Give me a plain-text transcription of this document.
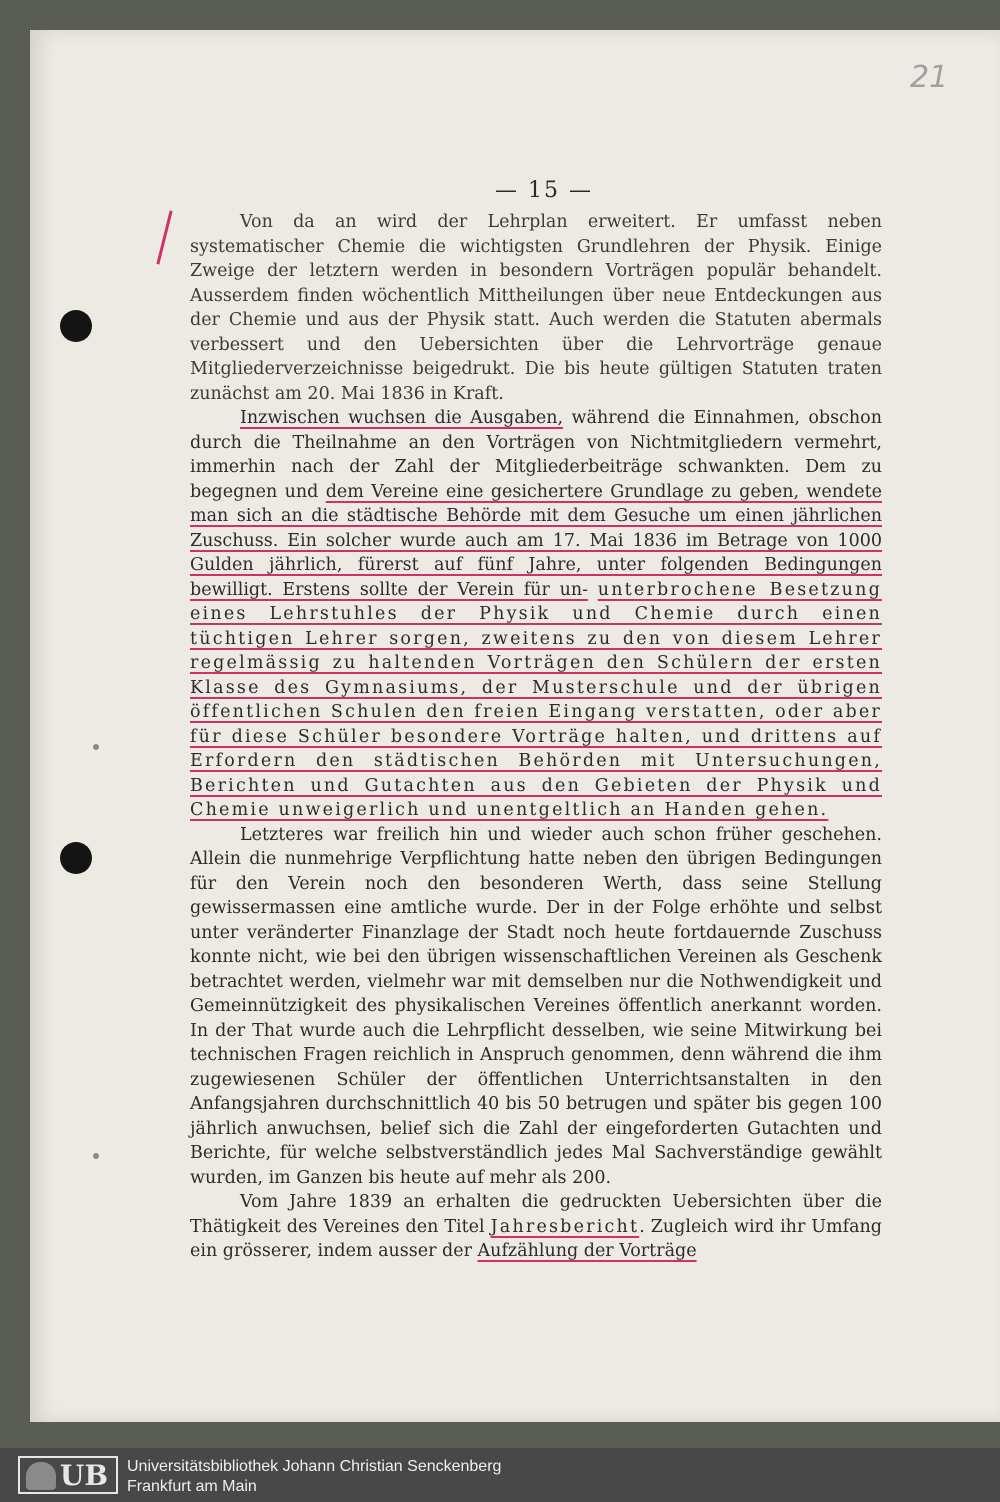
21
— 15 —

Von da an wird der Lehrplan erweitert. Er umfasst neben systematischer Chemie die wichtigsten Grundlehren der Physik. Einige Zweige der letztern werden in besondern Vorträgen populär behandelt. Ausserdem finden wöchentlich Mittheilungen über neue Entdeckungen aus der Chemie und aus der Physik statt. Auch werden die Statuten abermals verbessert und den Uebersichten über die Lehrvorträge genaue Mitgliederverzeichnisse beigedrukt. Die bis heute gültigen Statuten traten zunächst am 20. Mai 1836 in Kraft.

Inzwischen wuchsen die Ausgaben, während die Einnahmen, obschon durch die Theilnahme an den Vorträgen von Nichtmitgliedern vermehrt, immerhin nach der Zahl der Mitgliederbeiträge schwankten. Dem zu begegnen und dem Vereine eine gesichertere Grundlage zu geben, wendete man sich an die städtische Behörde mit dem Gesuche um einen jährlichen Zuschuss. Ein solcher wurde auch am 17. Mai 1836 im Betrage von 1000 Gulden jährlich, fürerst auf fünf Jahre, unter folgenden Bedingungen bewilligt. Erstens sollte der Verein für un- unterbrochene Besetzung eines Lehrstuhles der Physik und Chemie durch einen tüchtigen Lehrer sorgen, zweitens zu den von diesem Lehrer regelmässig zu haltenden Vorträgen den Schülern der ersten Klasse des Gymnasiums, der Musterschule und der übrigen öffentlichen Schulen den freien Eingang verstatten, oder aber für diese Schüler besondere Vorträge halten, und drittens auf Erfordern den städtischen Behörden mit Untersuchungen, Berichten und Gutachten aus den Gebieten der Physik und Chemie unweigerlich und unentgeltlich an Handen gehen.

Letzteres war freilich hin und wieder auch schon früher geschehen. Allein die nunmehrige Verpflichtung hatte neben den übrigen Bedingungen für den Verein noch den besonderen Werth, dass seine Stellung gewissermassen eine amtliche wurde. Der in der Folge erhöhte und selbst unter veränderter Finanzlage der Stadt noch heute fortdauernde Zuschuss konnte nicht, wie bei den übrigen wissenschaftlichen Vereinen als Geschenk betrachtet werden, vielmehr war mit demselben nur die Nothwendigkeit und Gemeinnützigkeit des physikalischen Vereines öffentlich anerkannt worden. In der That wurde auch die Lehrpflicht desselben, wie seine Mitwirkung bei technischen Fragen reichlich in Anspruch genommen, denn während die ihm zugewiesenen Schüler der öffentlichen Unterrichtsanstalten in den Anfangsjahren durchschnittlich 40 bis 50 betrugen und später bis gegen 100 jährlich anwuchsen, belief sich die Zahl der eingeforderten Gutachten und Berichte, für welche selbstverständlich jedes Mal Sachverständige gewählt wurden, im Ganzen bis heute auf mehr als 200.

Vom Jahre 1839 an erhalten die gedruckten Uebersichten über die Thätigkeit des Vereines den Titel Jahresbericht. Zugleich wird ihr Umfang ein grösserer, indem ausser der Aufzählung der Vorträge

UB Universitätsbibliothek Johann Christian Senckenberg
Frankfurt am Main
